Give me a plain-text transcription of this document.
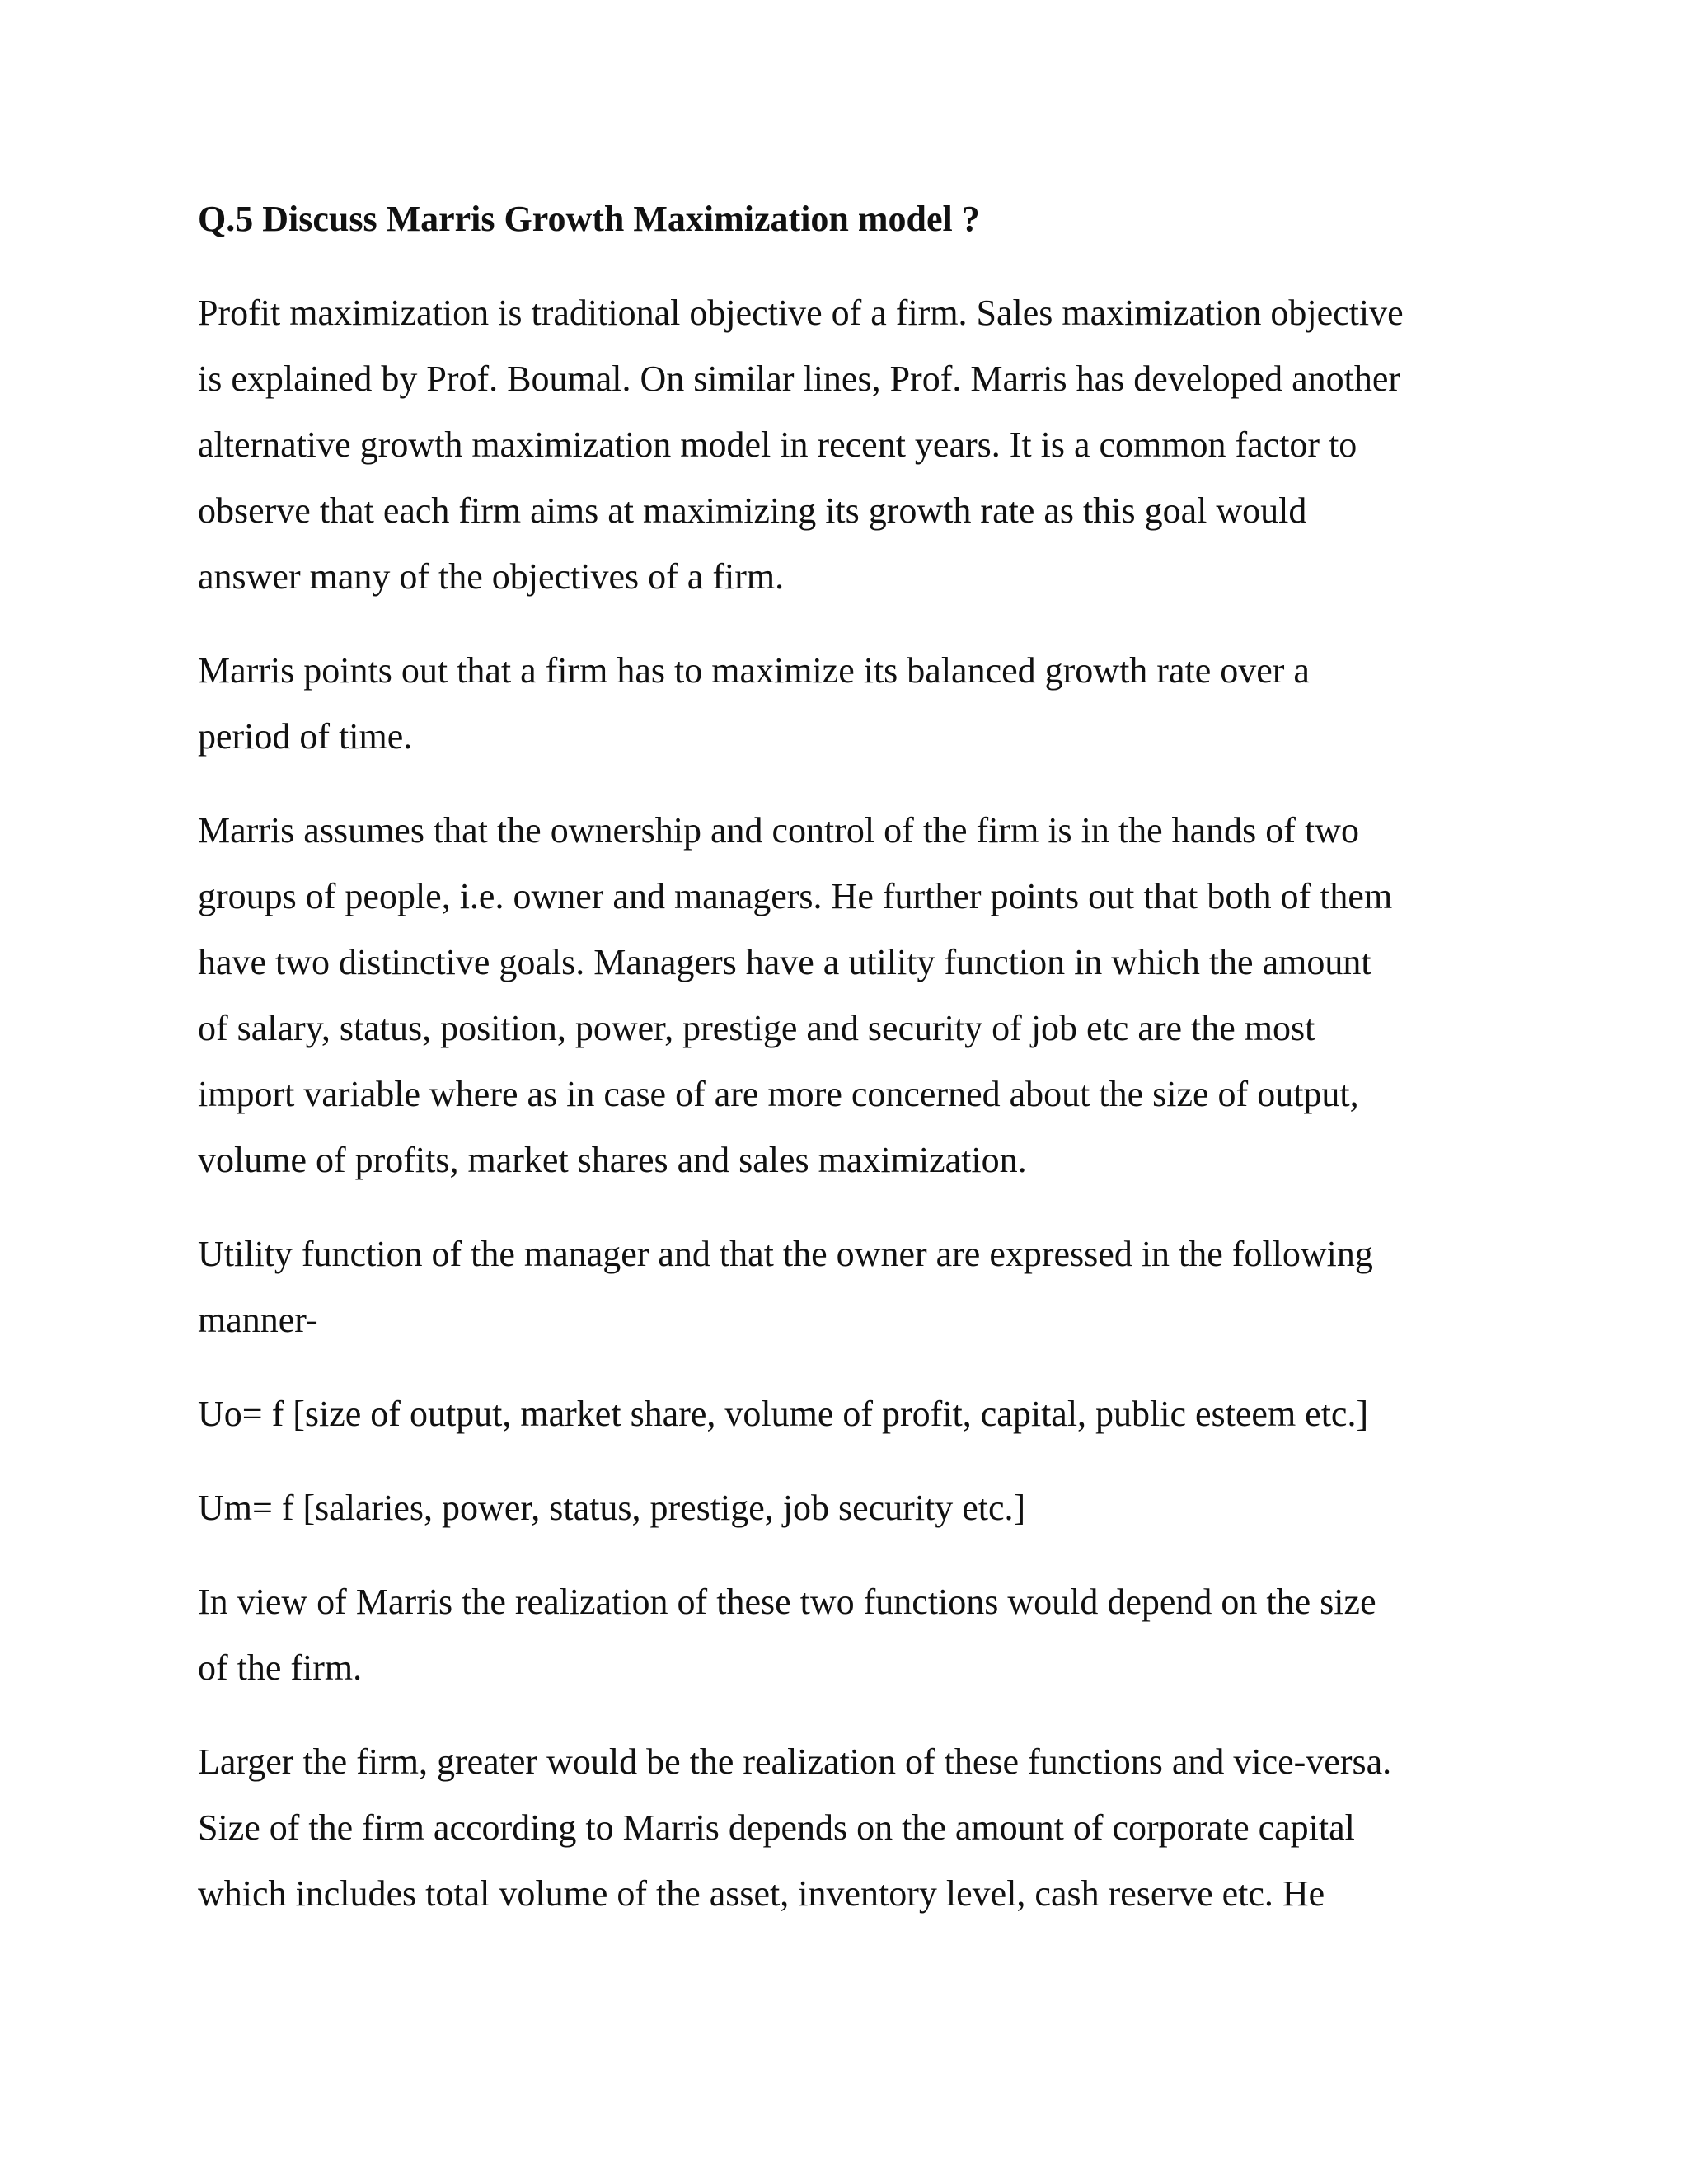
Q.5 Discuss Marris Growth Maximization model ?

Profit maximization is traditional objective of a firm. Sales maximization objective
is explained by Prof. Boumal. On similar lines, Prof. Marris has developed another
alternative growth maximization model in recent years. It is a common factor to
observe that each firm aims at maximizing its growth rate as this goal would
answer many of the objectives of a firm.

Marris points out that a firm has to maximize its balanced growth rate over a
period of time.

Marris assumes that the ownership and control of the firm is in the hands of two
groups of people, i.e. owner and managers. He further points out that both of them
have two distinctive goals. Managers have a utility function in which the amount
of salary, status, position, power, prestige and security of job etc are the most
import variable where as in case of are more concerned about the size of output,
volume of profits, market shares and sales maximization.

Utility function of the manager and that the owner are expressed in the following
manner-

Uo= f [size of output, market share, volume of profit, capital, public esteem etc.]

Um= f [salaries, power, status, prestige, job security etc.]

In view of Marris the realization of these two functions would depend on the size
of the firm.

Larger the firm, greater would be the realization of these functions and vice-versa.
Size of the firm according to Marris depends on the amount of corporate capital
which includes total volume of the asset, inventory level, cash reserve etc. He
